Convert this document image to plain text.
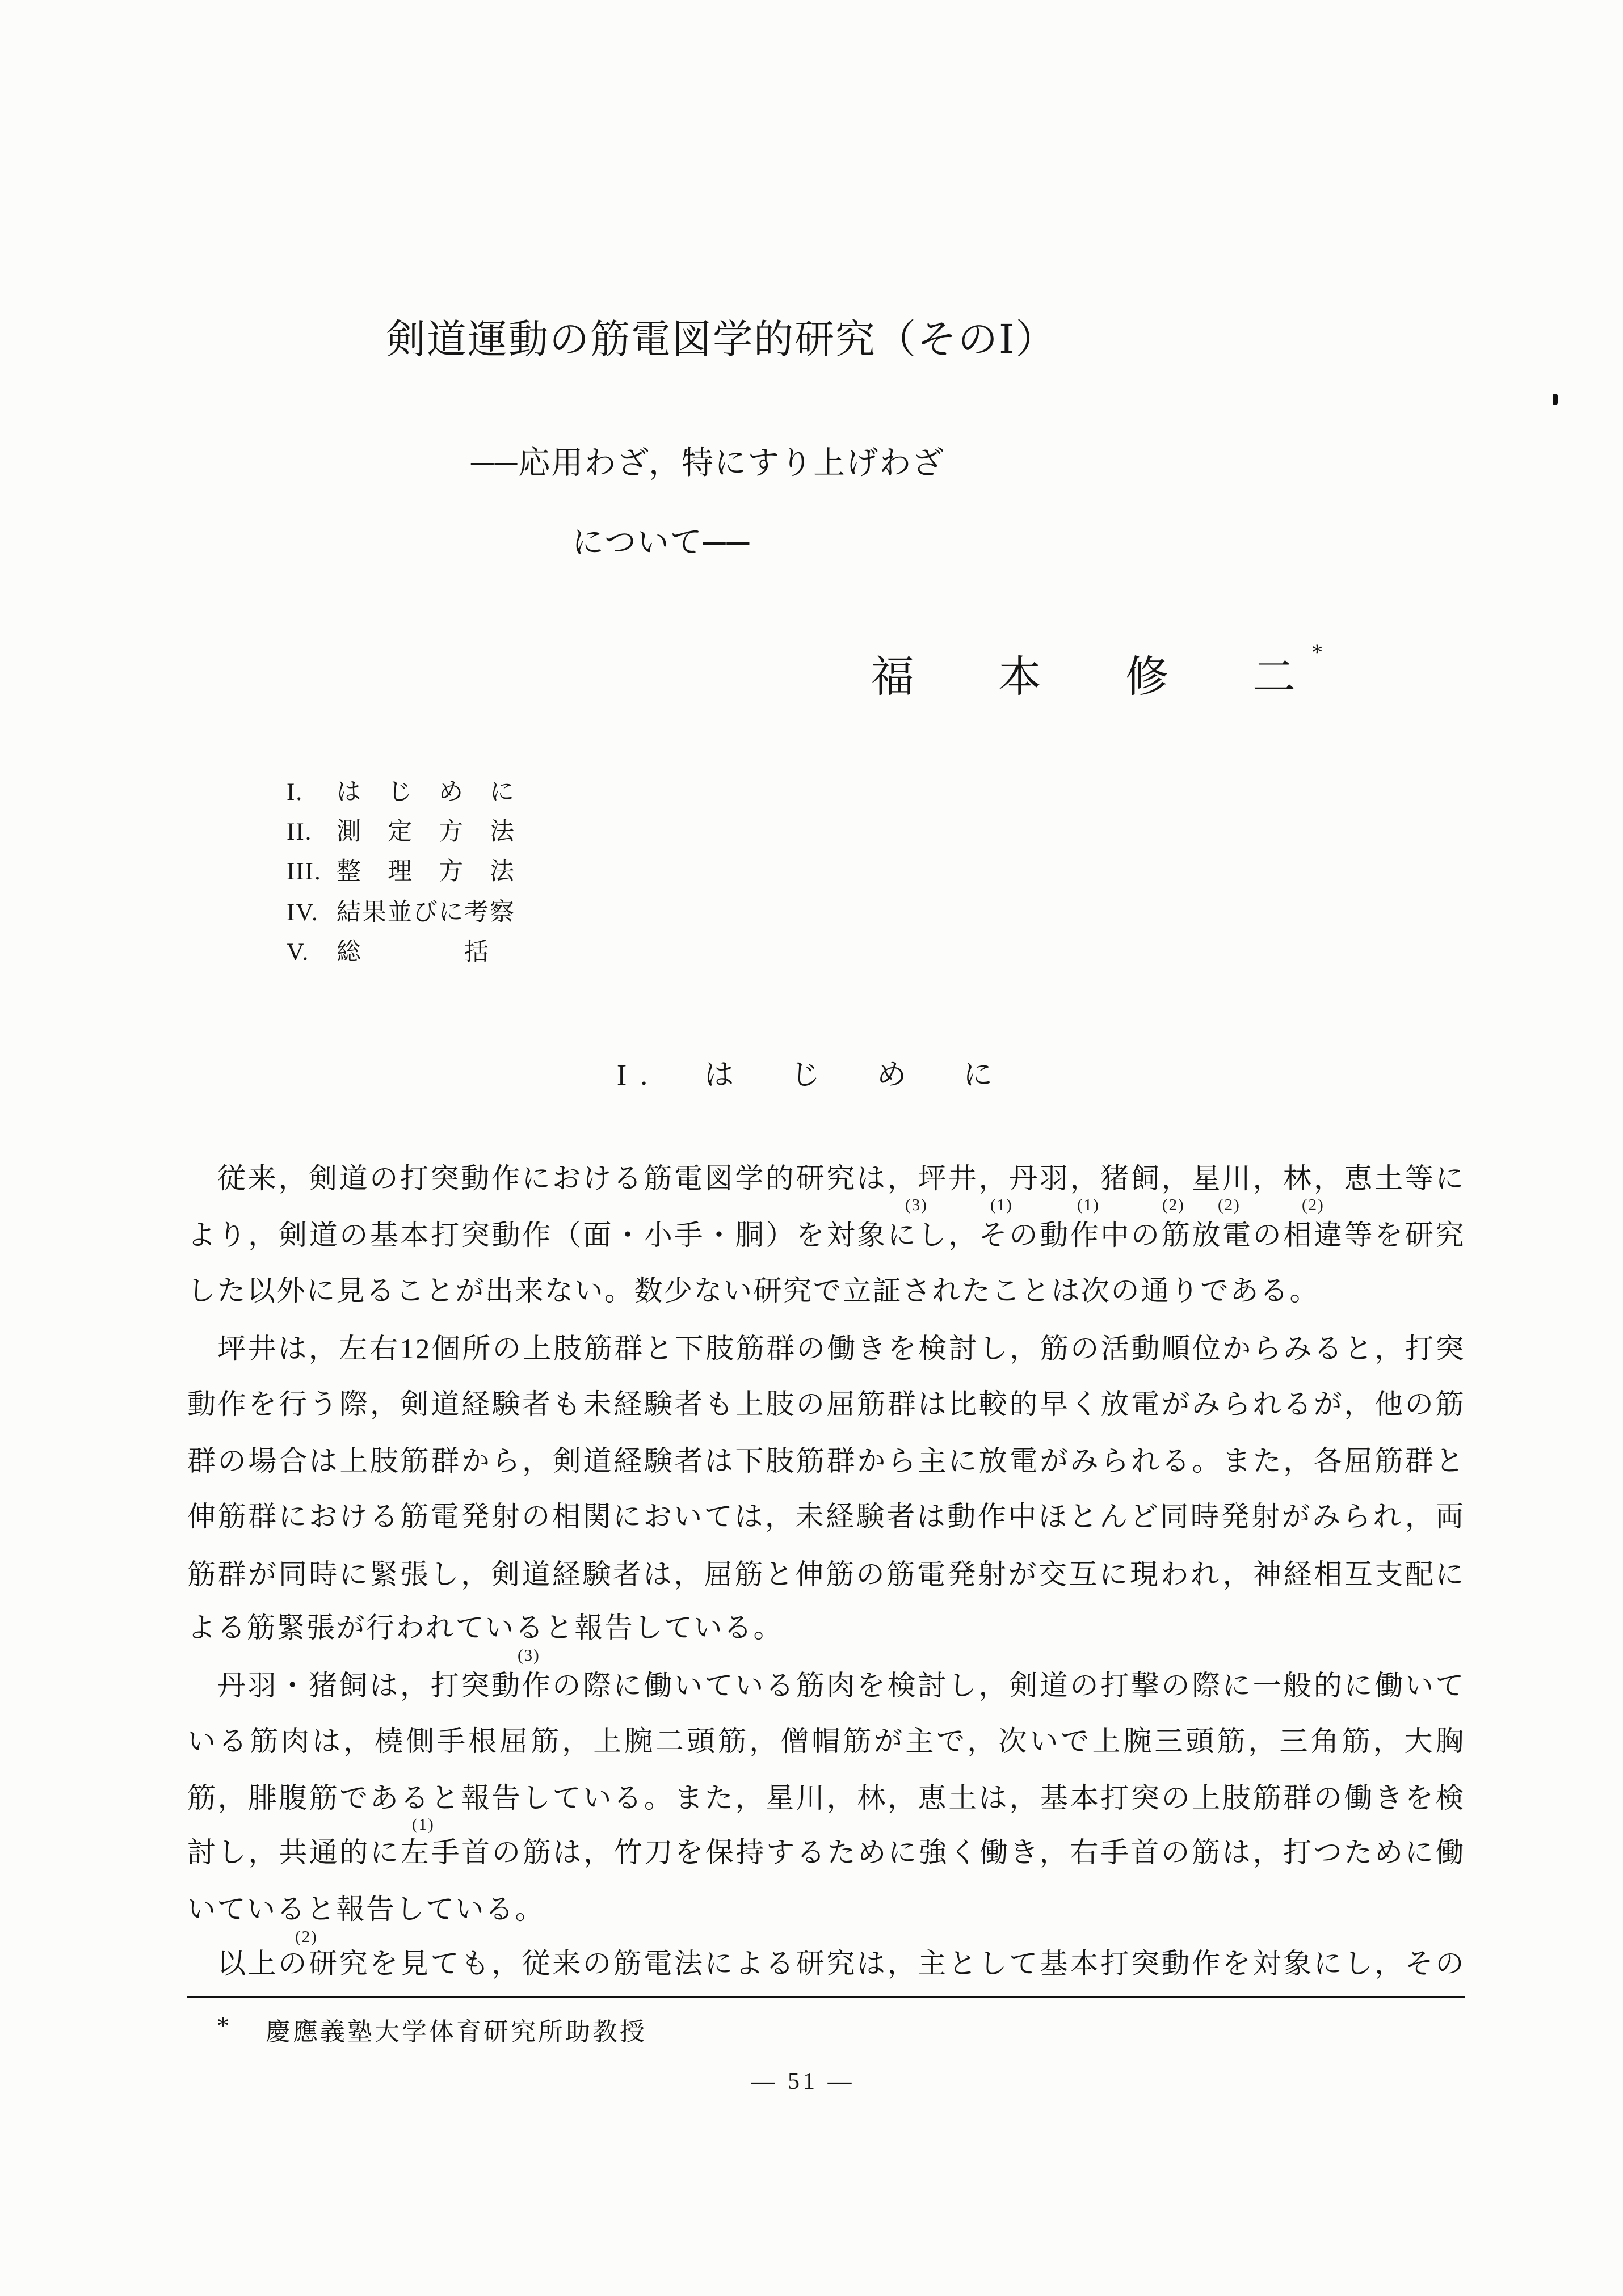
剣道運動の筋電図学的研究（そのⅠ）
──応用わざ，特にすり上げわざ
について──
福 本 修 二
*
I. は　じ　め　に
II. 測　定　方　法
III. 整　理　方　法
IV. 結果並びに考察
V. 総　　　　括
I.　は　じ　め　に
従来，剣道の打突動作における筋電図学的研究は，坪井，丹羽，猪飼，星川，林，恵土等に
より，剣道の基本打突動作（面・小手・胴）を対象にし，その動作中の筋放電の相違等を研究
した以外に見ることが出来ない。数少ない研究で立証されたことは次の通りである。
坪井は，左右12個所の上肢筋群と下肢筋群の働きを検討し，筋の活動順位からみると，打突
動作を行う際，剣道経験者も未経験者も上肢の屈筋群は比較的早く放電がみられるが，他の筋
群の場合は上肢筋群から，剣道経験者は下肢筋群から主に放電がみられる。また，各屈筋群と
伸筋群における筋電発射の相関においては，未経験者は動作中ほとんど同時発射がみられ，両
筋群が同時に緊張し，剣道経験者は，屈筋と伸筋の筋電発射が交互に現われ，神経相互支配に
よる筋緊張が行われていると報告している。
丹羽・猪飼は，打突動作の際に働いている筋肉を検討し，剣道の打撃の際に一般的に働いて
いる筋肉は，橈側手根屈筋，上腕二頭筋，僧帽筋が主で，次いで上腕三頭筋，三角筋，大胸
筋，腓腹筋であると報告している。また，星川，林，恵土は，基本打突の上肢筋群の働きを検
討し，共通的に左手首の筋は，竹刀を保持するために強く働き，右手首の筋は，打つために働
いていると報告している。
以上の研究を見ても，従来の筋電法による研究は，主として基本打突動作を対象にし，その
(3)	(1)	(1)	(2) (2)	(2)
(3)
(1)
(2)
* 慶應義塾大学体育研究所助教授
— 51 —
